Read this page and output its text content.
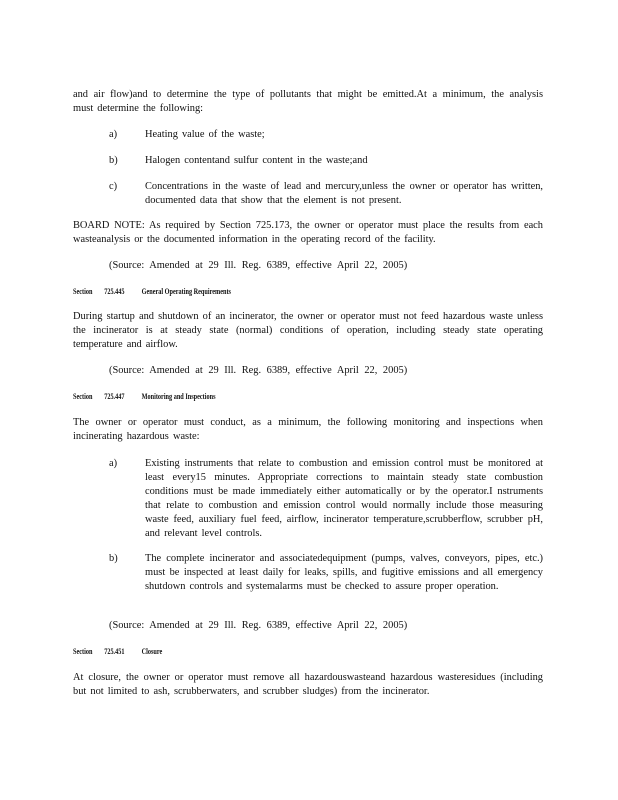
and air flow)and to determine the type of pollutants that might be emitted.At a minimum, the analysis must determine the following:
a)	Heating value of the waste;
b)	Halogen contentand sulfur content in the waste;and
c)	Concentrations in the waste of lead and mercury,unless the owner or operator has written, documented data that show that the element is not present.
BOARD NOTE: As required by Section 725.173, the owner or operator must place the results from each wasteanalysis or the documented information in the operating record of the facility.
(Source: Amended at 29 Ill. Reg. 6389, effective April 22, 2005)
Section 725.445 General Operating Requirements
During startup and shutdown of an incinerator, the owner or operator must not feed hazardous waste unless the incinerator is at steady state (normal) conditions of operation, including steady state operating temperature and airflow.
(Source: Amended at 29 Ill. Reg. 6389, effective April 22, 2005)
Section 725.447 Monitoring and Inspections
The owner or operator must conduct, as a minimum, the following monitoring and inspections when incinerating hazardous waste:
a)	Existing instruments that relate to combustion and emission control must be monitored at least every15 minutes. Appropriate corrections to maintain steady state combustion conditions must be made immediately either automatically or by the operator.I nstruments that relate to combustion and emission control would normally include those measuring waste feed, auxiliary fuel feed, airflow, incinerator temperature,scrubberflow, scrubber pH, and relevant level controls.
b)	The complete incinerator and associatedequipment (pumps, valves, conveyors, pipes, etc.) must be inspected at least daily for leaks, spills, and fugitive emissions and all emergency shutdown controls and systemalarms must be checked to assure proper operation.
(Source: Amended at 29 Ill. Reg. 6389, effective April 22, 2005)
Section 725.451 Closure
At closure, the owner or operator must remove all hazardouswasteand hazardous wasteresidues (including but not limited to ash, scrubberwaters, and scrubber sludges) from the incinerator.
